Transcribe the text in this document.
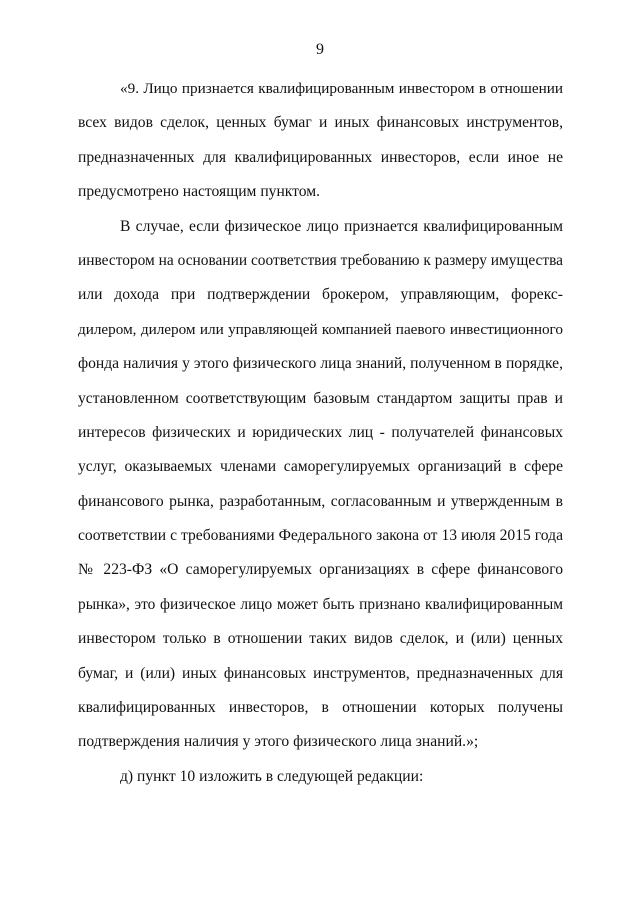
9
«9. Лицо признается квалифицированным инвестором в отношении
всех видов сделок, ценных бумаг и иных финансовых инструментов,
предназначенных для квалифицированных инвесторов, если иное не
предусмотрено настоящим пунктом.
В случае, если физическое лицо признается квалифицированным
инвестором на основании соответствия требованию к размеру имущества
или дохода при подтверждении брокером, управляющим, форекс-
дилером, дилером или управляющей компанией паевого инвестиционного
фонда наличия у этого физического лица знаний, полученном в порядке,
установленном соответствующим базовым стандартом защиты прав и
интересов физических и юридических лиц - получателей финансовых
услуг, оказываемых членами саморегулируемых организаций в сфере
финансового рынка, разработанным, согласованным и утвержденным в
соответствии с требованиями Федерального закона от 13 июля 2015 года
№ 223-ФЗ «О саморегулируемых организациях в сфере финансового
рынка», это физическое лицо может быть признано квалифицированным
инвестором только в отношении таких видов сделок, и (или) ценных
бумаг, и (или) иных финансовых инструментов, предназначенных для
квалифицированных инвесторов, в отношении которых получены
подтверждения наличия у этого физического лица знаний.»;
д) пункт 10 изложить в следующей редакции:
